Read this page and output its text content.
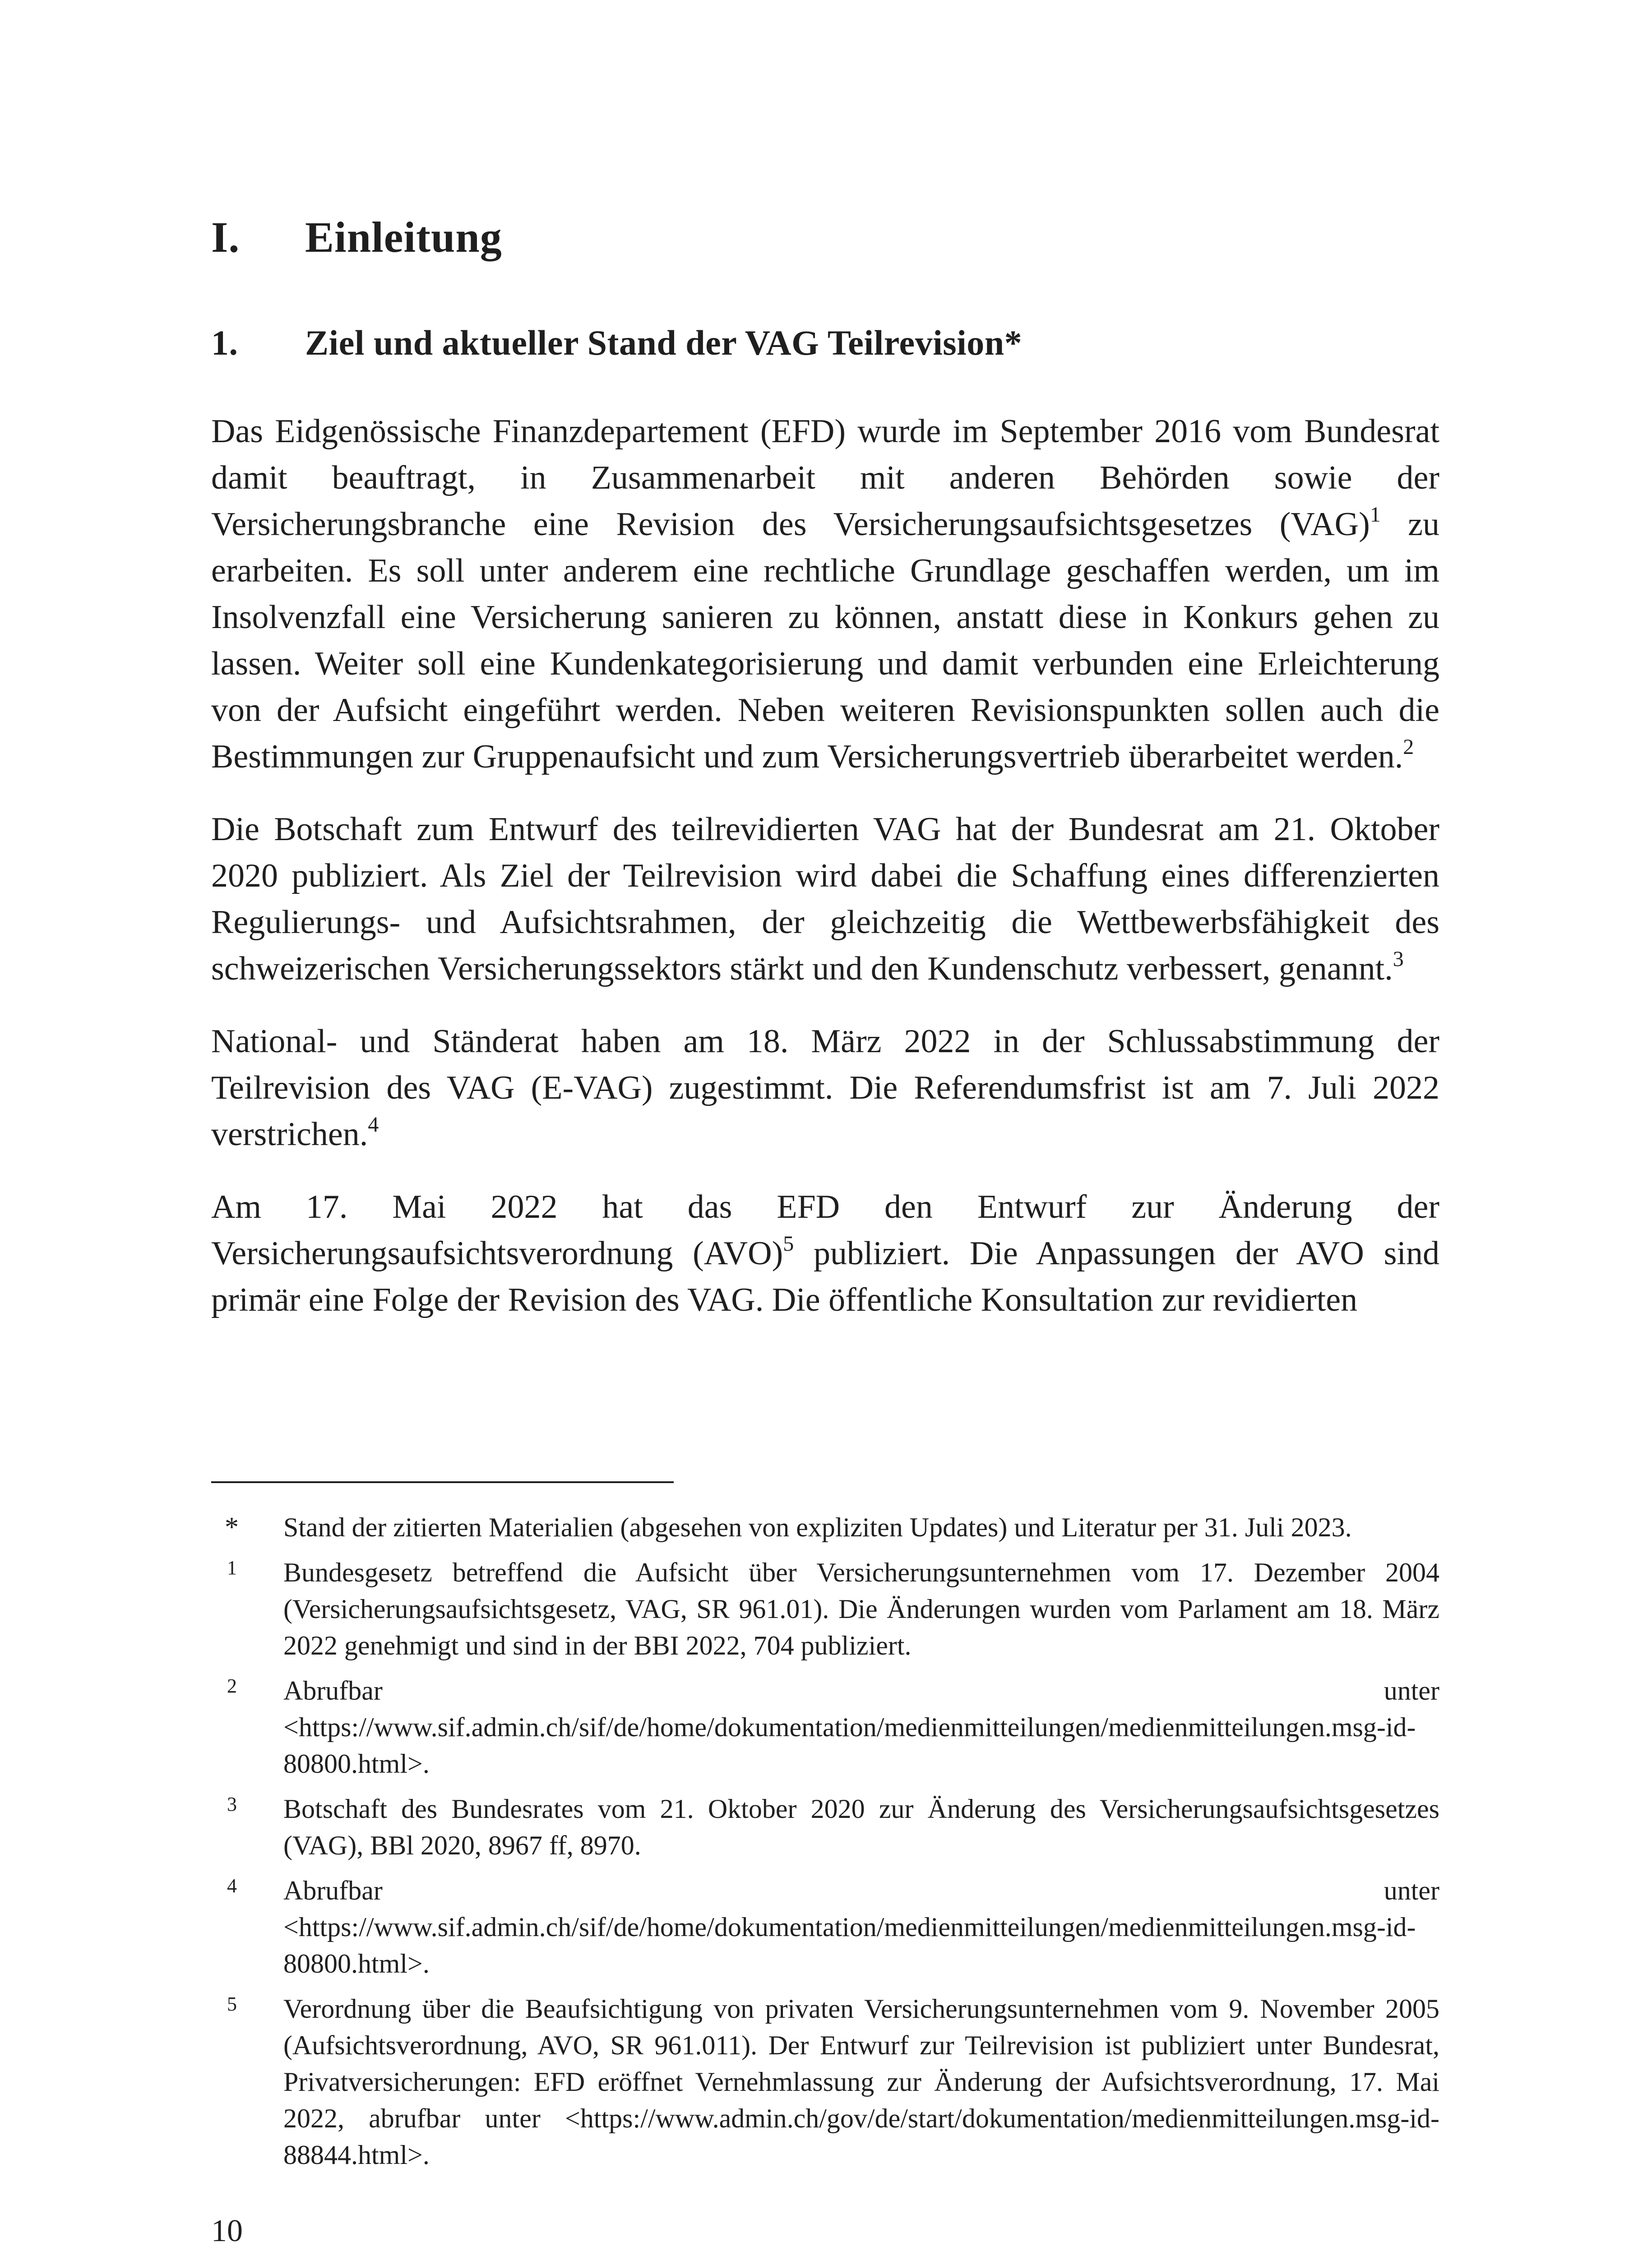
I. Einleitung
1. Ziel und aktueller Stand der VAG Teilrevision*

Das Eidgenössische Finanzdepartement (EFD) wurde im September 2016 vom Bundesrat damit beauftragt, in Zusammenarbeit mit anderen Behörden sowie der Versicherungsbranche eine Revision des Versicherungsaufsichtsgesetzes (VAG)$^1$ zu erarbeiten. Es soll unter anderem eine rechtliche Grundlage geschaffen werden, um im Insolvenzfall eine Versicherung sanieren zu können, anstatt diese in Konkurs gehen zu lassen. Weiter soll eine Kundenkategorisierung und damit verbunden eine Erleichterung von der Aufsicht eingeführt werden. Neben weiteren Revisionspunkten sollen auch die Bestimmungen zur Gruppenaufsicht und zum Versicherungsvertrieb überarbeitet werden.$^2$

Die Botschaft zum Entwurf des teilrevidierten VAG hat der Bundesrat am 21. Oktober 2020 publiziert. Als Ziel der Teilrevision wird dabei die Schaffung eines differenzierten Regulierungs- und Aufsichtsrahmen, der gleichzeitig die Wettbewerbsfähigkeit des schweizerischen Versicherungssektors stärkt und den Kundenschutz verbessert, genannt.$^3$

National- und Ständerat haben am 18. März 2022 in der Schlussabstimmung der Teilrevision des VAG (E-VAG) zugestimmt. Die Referendumsfrist ist am 7. Juli 2022 verstrichen.$^4$

Am 17. Mai 2022 hat das EFD den Entwurf zur Änderung der Versicherungsaufsichtsverordnung (AVO)$^5$ publiziert. Die Anpassungen der AVO sind primär eine Folge der Revision des VAG. Die öffentliche Konsultation zur revidierten

* Stand der zitierten Materialien (abgesehen von expliziten Updates) und Literatur per 31. Juli 2023.
1 Bundesgesetz betreffend die Aufsicht über Versicherungsunternehmen vom 17. Dezember 2004 (Versicherungsaufsichtsgesetz, VAG, SR 961.01). Die Änderungen wurden vom Parlament am 18. März 2022 genehmigt und sind in der BBI 2022, 704 publiziert.
2 Abrufbar unter <https://www.sif.admin.ch/sif/de/home/dokumentation/medienmitteilungen/medienmitteilungen.msg-id-80800.html>.
3 Botschaft des Bundesrates vom 21. Oktober 2020 zur Änderung des Versicherungsaufsichtsgesetzes (VAG), BBl 2020, 8967 ff, 8970.
4 Abrufbar unter <https://www.sif.admin.ch/sif/de/home/dokumentation/medienmitteilungen/medienmitteilungen.msg-id-80800.html>.
5 Verordnung über die Beaufsichtigung von privaten Versicherungsunternehmen vom 9. November 2005 (Aufsichtsverordnung, AVO, SR 961.011). Der Entwurf zur Teilrevision ist publiziert unter Bundesrat, Privatversicherungen: EFD eröffnet Vernehmlassung zur Änderung der Aufsichtsverordnung, 17. Mai 2022, abrufbar unter <https://www.admin.ch/gov/de/start/dokumentation/medienmitteilungen.msg-id-88844.html>.
10
